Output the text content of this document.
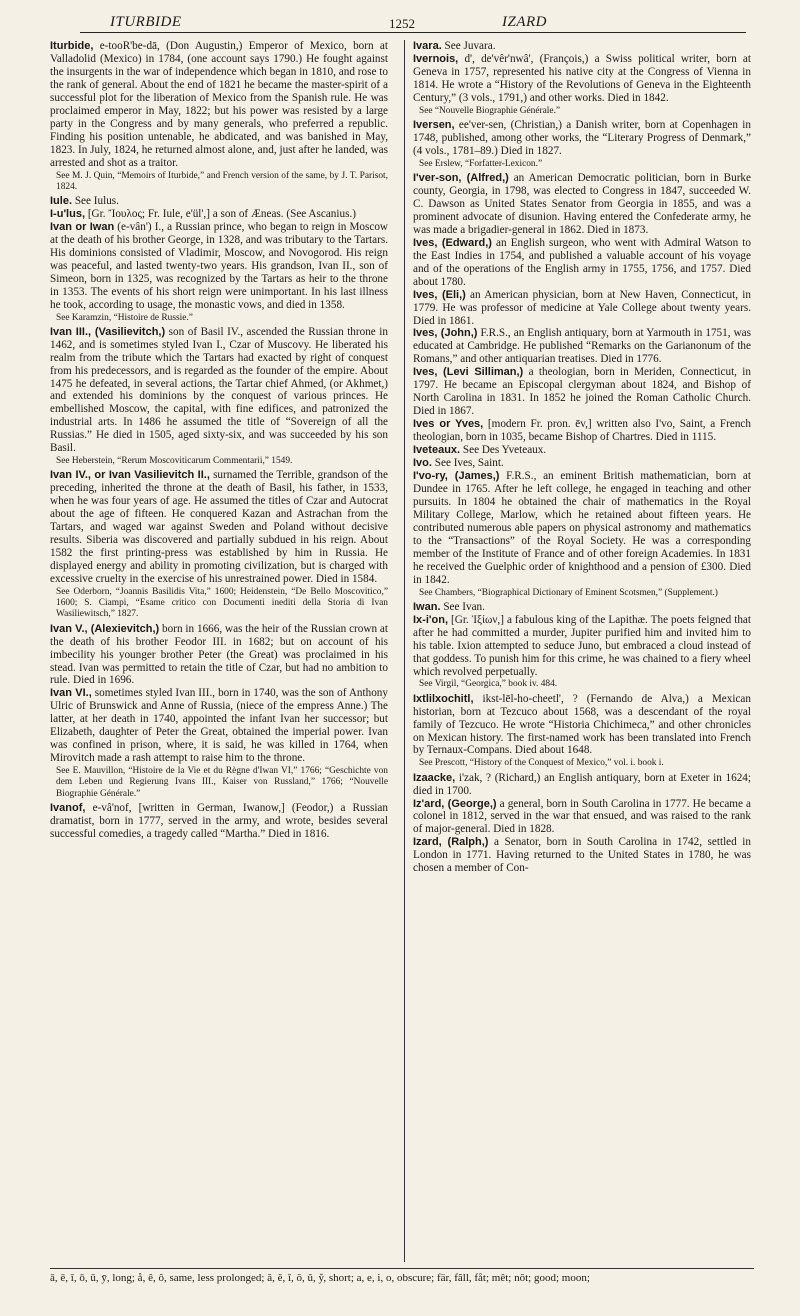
ITURBIDE	1252	IZARD

Iturbide, e-tooR'be-dā, (Don Augustin,) Emperor of Mexico, born at Valladolid (Mexico) in 1784, (one account says 1790.) He fought against the insurgents in the war of independence which began in 1810, and rose to the rank of general. About the end of 1821 he became the master-spirit of a successful plot for the liberation of Mexico from the Spanish rule. He was proclaimed emperor in May, 1822; but his power was resisted by a large party in the Congress and by many generals, who preferred a republic. Finding his position untenable, he abdicated, and was banished in May, 1823. In July, 1824, he returned almost alone, and, just after he landed, was arrested and shot as a traitor.

See M. J. Quin, “Memoirs of Iturbide,” and French version of the same, by J. T. Parisot, 1824.

Iule. See Iulus.

I-u'lus, [Gr. Ἴουλος; Fr. Iule, e'ül',] a son of Æneas. (See Ascanius.)

Ivan or Iwan (e-vân') I., a Russian prince, who began to reign in Moscow at the death of his brother George, in 1328, and was tributary to the Tartars. His dominions consisted of Vladimir, Moscow, and Novogorod. His reign was peaceful, and lasted twenty-two years. His grandson, Ivan II., son of Simeon, born in 1325, was recognized by the Tartars as heir to the throne in 1353. The events of his short reign were unimportant. In his last illness he took, according to usage, the monastic vows, and died in 1358.

See Karamzin, “Histoire de Russie.”

Ivan III., (Vasilievitch,) son of Basil IV., ascended the Russian throne in 1462, and is sometimes styled Ivan I., Czar of Muscovy. He liberated his realm from the tribute which the Tartars had exacted by right of conquest from his predecessors, and is regarded as the founder of the empire. About 1475 he defeated, in several actions, the Tartar chief Ahmed, (or Akhmet,) and extended his dominions by the conquest of various princes. He embellished Moscow, the capital, with fine edifices, and patronized the industrial arts. In 1486 he assumed the title of “Sovereign of all the Russias.” He died in 1505, aged sixty-six, and was succeeded by his son Basil.

See Heberstein, “Rerum Moscoviticarum Commentarii,” 1549.

Ivan IV., or Ivan Vasilievitch II., surnamed the Terrible, grandson of the preceding, inherited the throne at the death of Basil, his father, in 1533, when he was four years of age. He assumed the titles of Czar and Autocrat about the age of fifteen. He conquered Kazan and Astrachan from the Tartars, and waged war against Sweden and Poland without decisive results. Siberia was discovered and partially subdued in his reign. About 1582 the first printing-press was established by him in Russia. He displayed energy and ability in promoting civilization, but is charged with excessive cruelty in the exercise of his unrestrained power. Died in 1584.

See Oderborn, “Joannis Basilidis Vita,” 1600; Heidenstein, “De Bello Moscovitico,” 1600; S. Ciampi, “Esame critico con Documenti inediti della Storia di Ivan Wasiliewitsch,” 1827.

Ivan V., (Alexievitch,) born in 1666, was the heir of the Russian crown at the death of his brother Feodor III. in 1682; but on account of his imbecility his younger brother Peter (the Great) was proclaimed in his stead. Ivan was permitted to retain the title of Czar, but had no ambition to rule. Died in 1696.

Ivan VI., sometimes styled Ivan III., born in 1740, was the son of Anthony Ulric of Brunswick and Anne of Russia, (niece of the empress Anne.) The latter, at her death in 1740, appointed the infant Ivan her successor; but Elizabeth, daughter of Peter the Great, obtained the imperial power. Ivan was confined in prison, where, it is said, he was killed in 1764, when Mirovitch made a rash attempt to raise him to the throne.

See E. Mauvillon, “Histoire de la Vie et du Règne d'Iwan VI,” 1766; “Geschichte von dem Leben und Regierung Ivans III., Kaiser von Russland,” 1766; “Nouvelle Biographie Générale.”

Ivanof, e-vâ'nof, [written in German, Iwanow,] (Feodor,) a Russian dramatist, born in 1777, served in the army, and wrote, besides several successful comedies, a tragedy called “Martha.” Died in 1816.

Ivara. See Juvara.

Ivernois, d', de'vêr'nwâ', (François,) a Swiss political writer, born at Geneva in 1757, represented his native city at the Congress of Vienna in 1814. He wrote a “History of the Revolutions of Geneva in the Eighteenth Century,” (3 vols., 1791,) and other works. Died in 1842.

See “Nouvelle Biographie Générale.”

Iversen, ee'ver-sen, (Christian,) a Danish writer, born at Copenhagen in 1748, published, among other works, the “Literary Progress of Denmark,” (4 vols., 1781–89.) Died in 1827.

See Erslew, “Forfatter-Lexicon.”

I'ver-son, (Alfred,) an American Democratic politician, born in Burke county, Georgia, in 1798, was elected to Congress in 1847, succeeded W. C. Dawson as United States Senator from Georgia in 1855, and was a prominent advocate of disunion. Having entered the Confederate army, he was made a brigadier-general in 1862. Died in 1873.

Ives, (Edward,) an English surgeon, who went with Admiral Watson to the East Indies in 1754, and published a valuable account of his voyage and of the operations of the English army in 1755, 1756, and 1757. Died about 1780.

Ives, (Eli,) an American physician, born at New Haven, Connecticut, in 1779. He was professor of medicine at Yale College about twenty years. Died in 1861.

Ives, (John,) F.R.S., an English antiquary, born at Yarmouth in 1751, was educated at Cambridge. He published “Remarks on the Garianonum of the Romans,” and other antiquarian treatises. Died in 1776.

Ives, (Levi Silliman,) a theologian, born in Meriden, Connecticut, in 1797. He became an Episcopal clergyman about 1824, and Bishop of North Carolina in 1831. In 1852 he joined the Roman Catholic Church. Died in 1867.

Ives or Yves, [modern Fr. pron. ēv,] written also I'vo, Saint, a French theologian, born in 1035, became Bishop of Chartres. Died in 1115.

Iveteaux. See Des Yveteaux.

Ivo. See Ives, Saint.

I'vo-ry, (James,) F.R.S., an eminent British mathematician, born at Dundee in 1765. After he left college, he engaged in teaching and other pursuits. In 1804 he obtained the chair of mathematics in the Royal Military College, Marlow, which he retained about fifteen years. He contributed numerous able papers on physical astronomy and mathematics to the “Transactions” of the Royal Society. He was a corresponding member of the Institute of France and of other foreign Academies. In 1831 he received the Guelphic order of knighthood and a pension of £300. Died in 1842.

See Chambers, “Biographical Dictionary of Eminent Scotsmen,” (Supplement.)

Iwan. See Ivan.

Ix-i'on, [Gr. Ἰξίων,] a fabulous king of the Lapithæ. The poets feigned that after he had committed a murder, Jupiter purified him and invited him to his table. Ixion attempted to seduce Juno, but embraced a cloud instead of that goddess. To punish him for this crime, he was chained to a fiery wheel which revolved perpetually.

See Virgil, “Georgica,” book iv. 484.

Ixtlilxochitl, ikst-lēl-ho-cheetl', ? (Fernando de Alva,) a Mexican historian, born at Tezcuco about 1568, was a descendant of the royal family of Tezcuco. He wrote “Historia Chichimeca,” and other chronicles on Mexican history. The first-named work has been translated into French by Ternaux-Compans. Died about 1648.

See Prescott, “History of the Conquest of Mexico,” vol. i. book i.

Izaacke, i'zak, ? (Richard,) an English antiquary, born at Exeter in 1624; died in 1700.

Iz'ard, (George,) a general, born in South Carolina in 1777. He became a colonel in 1812, served in the war that ensued, and was raised to the rank of major-general. Died in 1828.

Izard, (Ralph,) a Senator, born in South Carolina in 1742, settled in London in 1771. Having returned to the United States in 1780, he was chosen a member of Con-

ā, ē, ī, ō, ū, ȳ, long; å, ê, ô, same, less prolonged; ă, ĕ, ĭ, ŏ, ŭ, y̆, short; a, e, i, o, obscure; fär, fâll, fåt; mêt; nŏt; good; moon;
